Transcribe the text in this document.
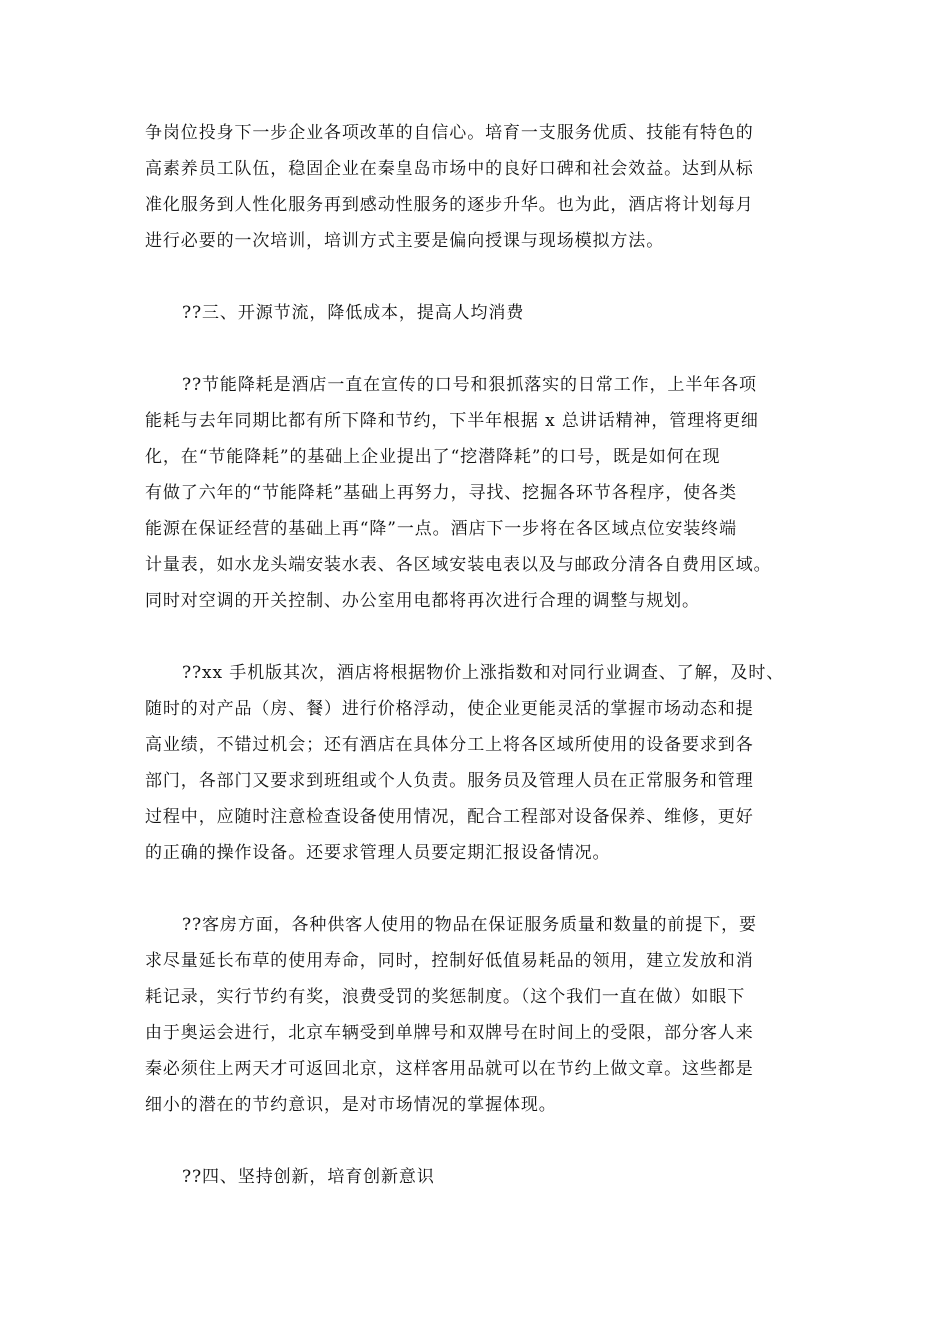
争岗位投身下一步企业各项改革的自信心。培育一支服务优质、技能有特色的
高素养员工队伍，稳固企业在秦皇岛市场中的良好口碑和社会效益。达到从标
准化服务到人性化服务再到感动性服务的逐步升华。也为此，酒店将计划每月
进行必要的一次培训，培训方式主要是偏向授课与现场模拟方法。
??三、开源节流，降低成本，提高人均消费
??节能降耗是酒店一直在宣传的口号和狠抓落实的日常工作，上半年各项
能耗与去年同期比都有所下降和节约，下半年根据 x 总讲话精神，管理将更细
化，在“节能降耗”的基础上企业提出了“挖潜降耗”的口号，既是如何在现
有做了六年的“节能降耗”基础上再努力，寻找、挖掘各环节各程序，使各类
能源在保证经营的基础上再“降”一点。酒店下一步将在各区域点位安装终端
计量表，如水龙头端安装水表、各区域安装电表以及与邮政分清各自费用区域。
同时对空调的开关控制、办公室用电都将再次进行合理的调整与规划。
??xx 手机版其次，酒店将根据物价上涨指数和对同行业调查、了解，及时、
随时的对产品（房、餐）进行价格浮动，使企业更能灵活的掌握市场动态和提
高业绩，不错过机会；还有酒店在具体分工上将各区域所使用的设备要求到各
部门，各部门又要求到班组或个人负责。服务员及管理人员在正常服务和管理
过程中，应随时注意检查设备使用情况，配合工程部对设备保养、维修，更好
的正确的操作设备。还要求管理人员要定期汇报设备情况。
??客房方面，各种供客人使用的物品在保证服务质量和数量的前提下，要
求尽量延长布草的使用寿命，同时，控制好低值易耗品的领用，建立发放和消
耗记录，实行节约有奖，浪费受罚的奖惩制度。（这个我们一直在做）如眼下
由于奥运会进行，北京车辆受到单牌号和双牌号在时间上的受限，部分客人来
秦必须住上两天才可返回北京，这样客用品就可以在节约上做文章。这些都是
细小的潜在的节约意识，是对市场情况的掌握体现。
??四、坚持创新，培育创新意识
